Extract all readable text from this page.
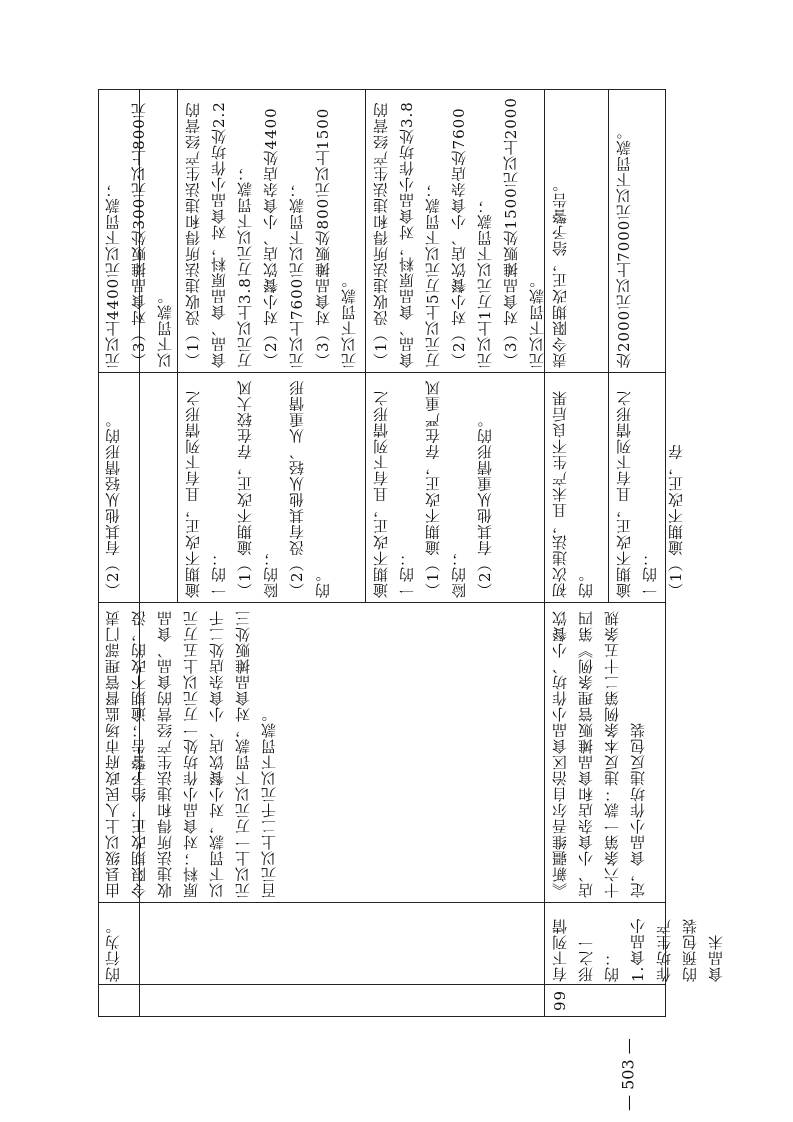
的行为。
由县级以上人民政府市场监督管理部门责令限期改正，给予警告；逾期不改的，没收违法所得和违法生产经营的食品、食品原料；对食品小作坊处一万元以上五万元以下罚款，对小餐饮店、小食杂店处二千元以上一万元以下罚款，对食品摊贩处三百元以上二千元以下罚款。
（2）有其他从轻情形的。
元以上4400元以下罚款；
（3）对食品摊贩处300元以上800元以下罚款。
逾期不改正，且有下列情形之一的：
（1）逾期不改正，存在较大风险的；
（2）没有其他从轻、从重情形的。
（1）没收违法所得和违法生产经营的食品、食品原料，对食品小作坊处2.2万元以上3.8万元以下罚款；
（2）对小餐饮店、小食杂店处4400元以上7600元以下罚款；
（3）对食品摊贩处800元以上1500元以下罚款。
逾期不改正，且有下列情形之一的：
（1）逾期不改正，存在严重风险的；
（2）有其他从重情形的。
（1）没收违法所得和违法生产经营的食品、食品原料，对食品小作坊处3.8万元以上5万元以下罚款；
（2）对小餐饮店、小食杂店处7600元以上1万元以下罚款；
（3）对食品摊贩处1500元以上2000元以下罚款。
99
有下列情形之一的：
1.食品小作坊生产的预包装食品未
《新疆维吾尔自治区食品小作坊、小餐饮店、小食杂店和食品摊贩管理条例》第四十六条第一款：违反本条例第二十五条规定，食品小作坊违反包装
初次违法，且未产生不良后果的。
责令限期改正，给予警告。
逾期不改正，且有下列情形之一的：
（1）逾期不改正，存
处2000元以上7000元以下罚款。
— 503 —
